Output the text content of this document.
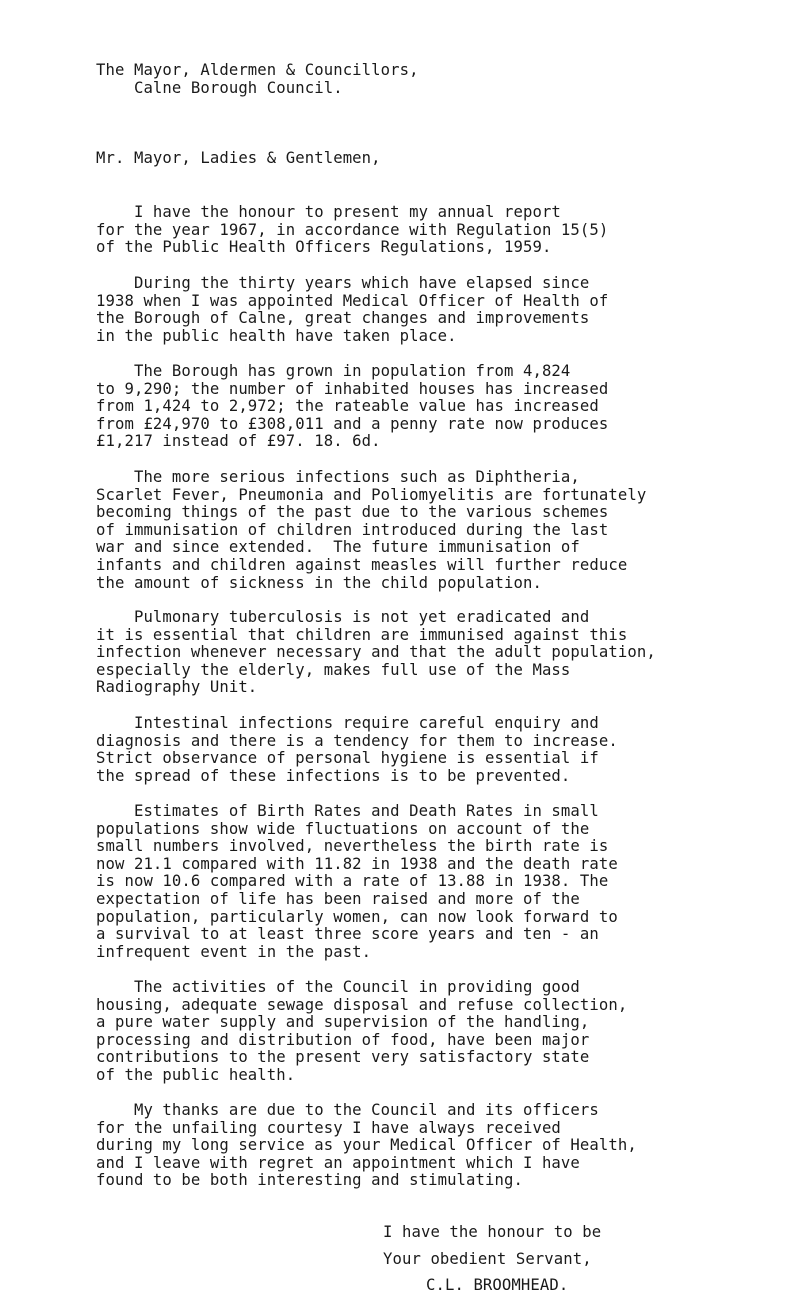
The Mayor, Aldermen & Councillors,
Calne Borough Council.
Mr. Mayor, Ladies & Gentlemen,
I have the honour to present my annual report
for the year 1967, in accordance with Regulation 15(5)
of the Public Health Officers Regulations, 1959.
During the thirty years which have elapsed since
1938 when I was appointed Medical Officer of Health of
the Borough of Calne, great changes and improvements
in the public health have taken place.
The Borough has grown in population from 4,824
to 9,290; the number of inhabited houses has increased
from 1,424 to 2,972; the rateable value has increased
from £24,970 to £308,011 and a penny rate now produces
£1,217 instead of £97. 18. 6d.
The more serious infections such as Diphtheria,
Scarlet Fever, Pneumonia and Poliomyelitis are fortunately
becoming things of the past due to the various schemes
of immunisation of children introduced during the last
war and since extended.  The future immunisation of
infants and children against measles will further reduce
the amount of sickness in the child population.
Pulmonary tuberculosis is not yet eradicated and
it is essential that children are immunised against this
infection whenever necessary and that the adult population,
especially the elderly, makes full use of the Mass
Radiography Unit.
Intestinal infections require careful enquiry and
diagnosis and there is a tendency for them to increase.
Strict observance of personal hygiene is essential if
the spread of these infections is to be prevented.
Estimates of Birth Rates and Death Rates in small
populations show wide fluctuations on account of the
small numbers involved, nevertheless the birth rate is
now 21.1 compared with 11.82 in 1938 and the death rate
is now 10.6 compared with a rate of 13.88 in 1938. The
expectation of life has been raised and more of the
population, particularly women, can now look forward to
a survival to at least three score years and ten - an
infrequent event in the past.
The activities of the Council in providing good
housing, adequate sewage disposal and refuse collection,
a pure water supply and supervision of the handling,
processing and distribution of food, have been major
contributions to the present very satisfactory state
of the public health.
My thanks are due to the Council and its officers
for the unfailing courtesy I have always received
during my long service as your Medical Officer of Health,
and I leave with regret an appointment which I have
found to be both interesting and stimulating.
I have the honour to be
Your obedient Servant,
C.L. BROOMHEAD.
